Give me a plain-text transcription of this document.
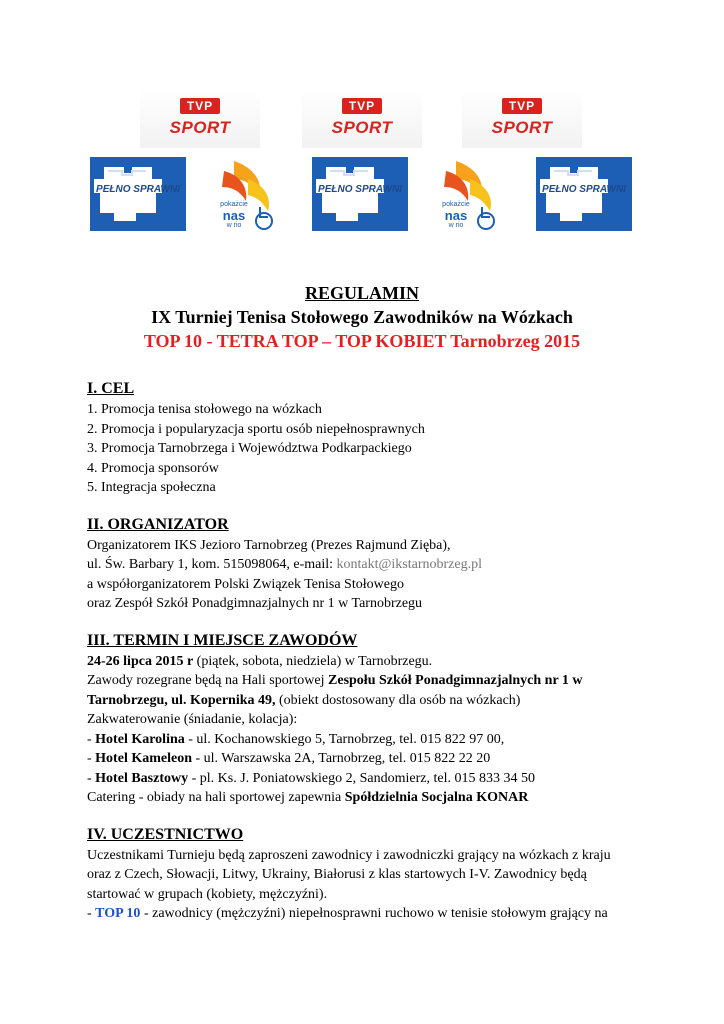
TVP
SPORT
TVP
SPORT
TVP
SPORT
PEŁNO SPRAWNI	PEŁNO SPRAWNI	PEŁNO SPRAWNI
pokażcie
nas
w rio
pokażcie
nas
w rio
REGULAMIN
IX Turniej Tenisa Stołowego Zawodników na Wózkach
TOP 10 - TETRA TOP – TOP KOBIET Tarnobrzeg 2015
I. CEL

1. Promocja tenisa stołowego na wózkach

2. Promocja i popularyzacja sportu osób niepełnosprawnych

3. Promocja Tarnobrzega i Województwa Podkarpackiego

4. Promocja sponsorów

5. Integracja społeczna

II. ORGANIZATOR

Organizatorem IKS Jezioro Tarnobrzeg (Prezes Rajmund Zięba),

ul. Św. Barbary 1, kom. 515098064, e-mail: kontakt@ikstarnobrzeg.pl

a współorganizatorem Polski Związek Tenisa Stołowego

oraz Zespół Szkół Ponadgimnazjalnych nr 1 w Tarnobrzegu

III. TERMIN I MIEJSCE ZAWODÓW

24-26 lipca 2015 r (piątek, sobota, niedziela) w Tarnobrzegu.

Zawody rozegrane będą na Hali sportowej Zespołu Szkół Ponadgimnazjalnych nr 1 w

Tarnobrzegu, ul. Kopernika 49, (obiekt dostosowany dla osób na wózkach)

Zakwaterowanie (śniadanie, kolacja):

- Hotel Karolina - ul. Kochanowskiego 5, Tarnobrzeg, tel. 015 822 97 00,

- Hotel Kameleon - ul. Warszawska 2A, Tarnobrzeg, tel. 015 822 22 20

- Hotel Basztowy - pl. Ks. J. Poniatowskiego 2, Sandomierz, tel. 015 833 34 50

Catering - obiady na hali sportowej zapewnia Spółdzielnia Socjalna KONAR

IV. UCZESTNICTWO

Uczestnikami Turnieju będą zaproszeni zawodnicy i zawodniczki grający na wózkach z kraju

oraz z Czech, Słowacji, Litwy, Ukrainy, Białorusi z klas startowych I-V. Zawodnicy będą

startować w grupach (kobiety, mężczyźni).

- TOP 10 - zawodnicy (mężczyźni) niepełnosprawni ruchowo w tenisie stołowym grający na
